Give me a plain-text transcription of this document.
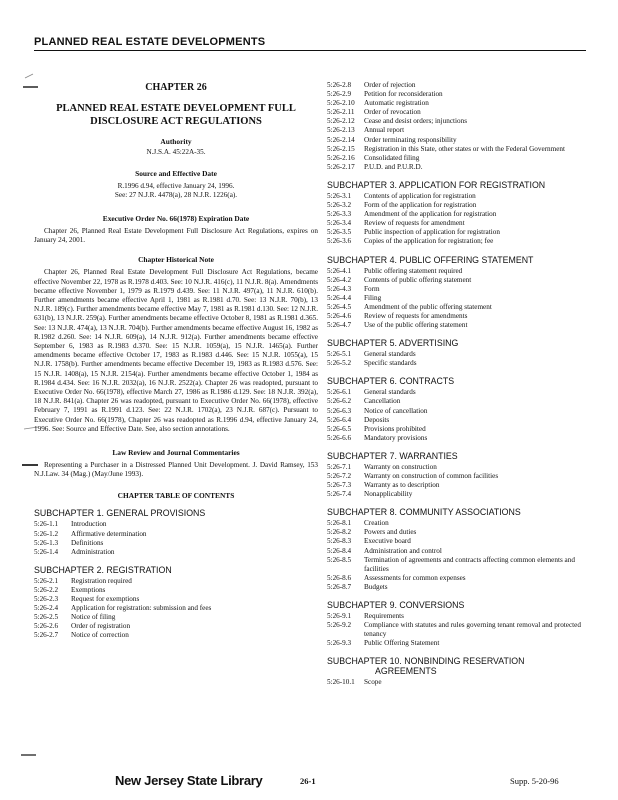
PLANNED REAL ESTATE DEVELOPMENTS
CHAPTER 26
PLANNED REAL ESTATE DEVELOPMENT FULL DISCLOSURE ACT REGULATIONS
Authority
N.J.S.A. 45:22A-35.
Source and Effective Date
R.1996 d.94, effective January 24, 1996.
See: 27 N.J.R. 4478(a), 28 N.J.R. 1226(a).
Executive Order No. 66(1978) Expiration Date
Chapter 26, Planned Real Estate Development Full Disclosure Act Regulations, expires on January 24, 2001.
Chapter Historical Note
Chapter 26, Planned Real Estate Development Full Disclosure Act Regulations, became effective November 22, 1978 as R.1978 d.403. See: 10 N.J.R. 416(c), 11 N.J.R. 8(a). Amendments became effective November 1, 1979 as R.1979 d.439. See: 11 N.J.R. 497(a), 11 N.J.R. 610(b). Further amendments became effective April 1, 1981 as R.1981 d.70. See: 13 N.J.R. 70(b), 13 N.J.R. 189(c). Further amendments became effective May 7, 1981 as R.1981 d.130. See: 12 N.J.R. 631(b), 13 N.J.R. 259(a). Further amendments became effective October 8, 1981 as R.1981 d.365. See: 13 N.J.R. 474(a), 13 N.J.R. 704(b). Further amendments became effective August 16, 1982 as R.1982 d.260. See: 14 N.J.R. 609(a), 14 N.J.R. 912(a). Further amendments became effective September 6, 1983 as R.1983 d.370. See: 15 N.J.R. 1059(a), 15 N.J.R. 1465(a). Further amendments became effective October 17, 1983 as R.1983 d.446. See: 15 N.J.R. 1055(a), 15 N.J.R. 1758(b). Further amendments became effective December 19, 1983 as R.1983 d.576. See: 15 N.J.R. 1408(a), 15 N.J.R. 2154(a). Further amendments became effective October 1, 1984 as R.1984 d.434. See: 16 N.J.R. 2032(a), 16 N.J.R. 2522(a). Chapter 26 was readopted, pursuant to Executive Order No. 66(1978), effective March 27, 1986 as R.1986 d.129. See: 18 N.J.R. 392(a), 18 N.J.R. 841(a). Chapter 26 was readopted, pursuant to Executive Order No. 66(1978), effective February 7, 1991 as R.1991 d.123. See: 22 N.J.R. 1702(a), 23 N.J.R. 687(c). Pursuant to Executive Order No. 66(1978), Chapter 26 was readopted as R.1996 d.94, effective January 24, 1996. See: Source and Effective Date. See, also section annotations.
Law Review and Journal Commentaries
Representing a Purchaser in a Distressed Planned Unit Development. J. David Ramsey, 153 N.J.Law. 34 (Mag.) (May/June 1993).
CHAPTER TABLE OF CONTENTS
SUBCHAPTER 1. GENERAL PROVISIONS
5:26-1.1	Introduction
5:26-1.2	Affirmative determination
5:26-1.3	Definitions
5:26-1.4	Administration
SUBCHAPTER 2. REGISTRATION
5:26-2.1	Registration required
5:26-2.2	Exemptions
5:26-2.3	Request for exemptions
5:26-2.4	Application for registration: submission and fees
5:26-2.5	Notice of filing
5:26-2.6	Order of registration
5:26-2.7	Notice of correction
5:26-2.8	Order of rejection
5:26-2.9	Petition for reconsideration
5:26-2.10	Automatic registration
5:26-2.11	Order of revocation
5:26-2.12	Cease and desist orders; injunctions
5:26-2.13	Annual report
5:26-2.14	Order terminating responsibility
5:26-2.15	Registration in this State, other states or with the Federal Government
5:26-2.16	Consolidated filing
5:26-2.17	P.U.D. and P.U.R.D.
SUBCHAPTER 3. APPLICATION FOR REGISTRATION
5:26-3.1	Contents of application for registration
5:26-3.2	Form of the application for registration
5:26-3.3	Amendment of the application for registration
5:26-3.4	Review of requests for amendment
5:26-3.5	Public inspection of application for registration
5:26-3.6	Copies of the application for registration; fee
SUBCHAPTER 4. PUBLIC OFFERING STATEMENT
5:26-4.1	Public offering statement required
5:26-4.2	Contents of public offering statement
5:26-4.3	Form
5:26-4.4	Filing
5:26-4.5	Amendment of the public offering statement
5:26-4.6	Review of requests for amendments
5:26-4.7	Use of the public offering statement
SUBCHAPTER 5. ADVERTISING
5:26-5.1	General standards
5:26-5.2	Specific standards
SUBCHAPTER 6. CONTRACTS
5:26-6.1	General standards
5:26-6.2	Cancellation
5:26-6.3	Notice of cancellation
5:26-6.4	Deposits
5:26-6.5	Provisions prohibited
5:26-6.6	Mandatory provisions
SUBCHAPTER 7. WARRANTIES
5:26-7.1	Warranty on construction
5:26-7.2	Warranty on construction of common facilities
5:26-7.3	Warranty as to description
5:26-7.4	Nonapplicability
SUBCHAPTER 8. COMMUNITY ASSOCIATIONS
5:26-8.1	Creation
5:26-8.2	Powers and duties
5:26-8.3	Executive board
5:26-8.4	Administration and control
5:26-8.5	Termination of agreements and contracts affecting common elements and facilities
5:26-8.6	Assessments for common expenses
5:26-8.7	Budgets
SUBCHAPTER 9. CONVERSIONS
5:26-9.1	Requirements
5:26-9.2	Compliance with statutes and rules governing tenant removal and protected tenancy
5:26-9.3	Public Offering Statement
SUBCHAPTER 10. NONBINDING RESERVATION
AGREEMENTS
5:26-10.1	Scope
New Jersey State Library	26-1	Supp. 5-20-96
